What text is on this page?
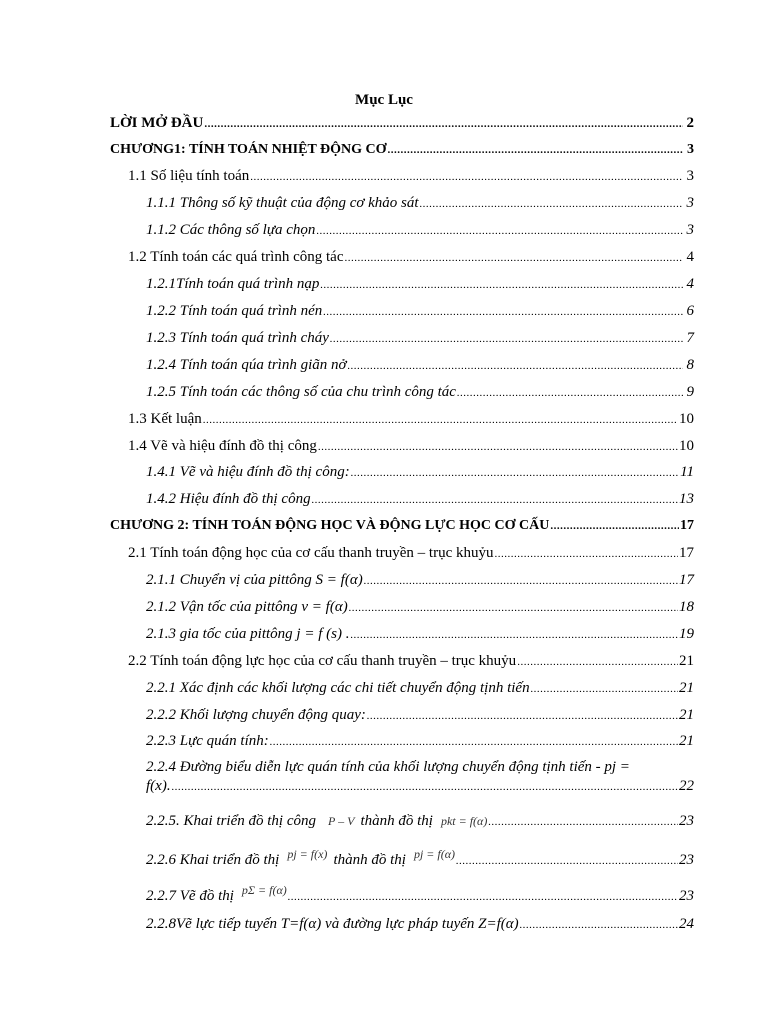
Mục Lục
LỜI MỞ ĐẦU .....	2
CHƯƠNG1: TÍNH TOÁN NHIỆT ĐỘNG CƠ .....	3
1.1 Số liệu tính toán .....	3
1.1.1 Thông số kỹ thuật của động cơ khảo sát .....	3
1.1.2 Các thông số lựa chọn .....	3
1.2 Tính toán các quá trình công tác .....	4
1.2.1Tính toán quá trình nạp .....	4
1.2.2 Tính toán quá trình nén .....	6
1.2.3 Tính toán quá trình cháy .....	7
1.2.4 Tính toán qúa trình giãn nở .....	8
1.2.5 Tính toán các thông số của chu trình công tác .....	9
1.3 Kết luận .....	10
1.4 Vẽ và hiệu đính đồ thị công .....	10
1.4.1 Vẽ và hiệu đính đồ thị công: .....	11
1.4.2 Hiệu đính đồ thị công .....	13
CHƯƠNG 2: TÍNH TOÁN ĐỘNG HỌC VÀ ĐỘNG LỰC HỌC CƠ CẤU .....	17
2.1 Tính toán động học của cơ cấu thanh truyền – trục khuỷu .....	17
2.1.1 Chuyển vị của pittông S = f(α) .....	17
2.1.2 Vận tốc của pittông v = f(α) .....	18
2.1.3 gia tốc của pittông j = f (s) . .....	19
2.2 Tính toán động lực học của cơ cấu thanh truyền – trục khuỷu .....	21
2.2.1 Xác định các khối lượng các chi tiết chuyển động tịnh tiến .....	21
2.2.2 Khối lượng chuyển động quay: .....	21
2.2.3 Lực quán tính: .....	21
2.2.4 Đường biểu diễn lực quán tính của khối lượng chuyển động tịnh tiến - pj =
f(x). .....	22
2.2.5. Khai triển đồ thị công P – V thành đồ thị pkt = f(α) .....	23
2.2.6 Khai triển đồ thị pj = f(x) thành đồ thị pj = f(α) .....	23
2.2.7 Vẽ đồ thị pΣ = f(α) .....	23
2.2.8Vẽ lực tiếp tuyến T=f(α) và đường lực pháp tuyến Z=f(α) .....	24
